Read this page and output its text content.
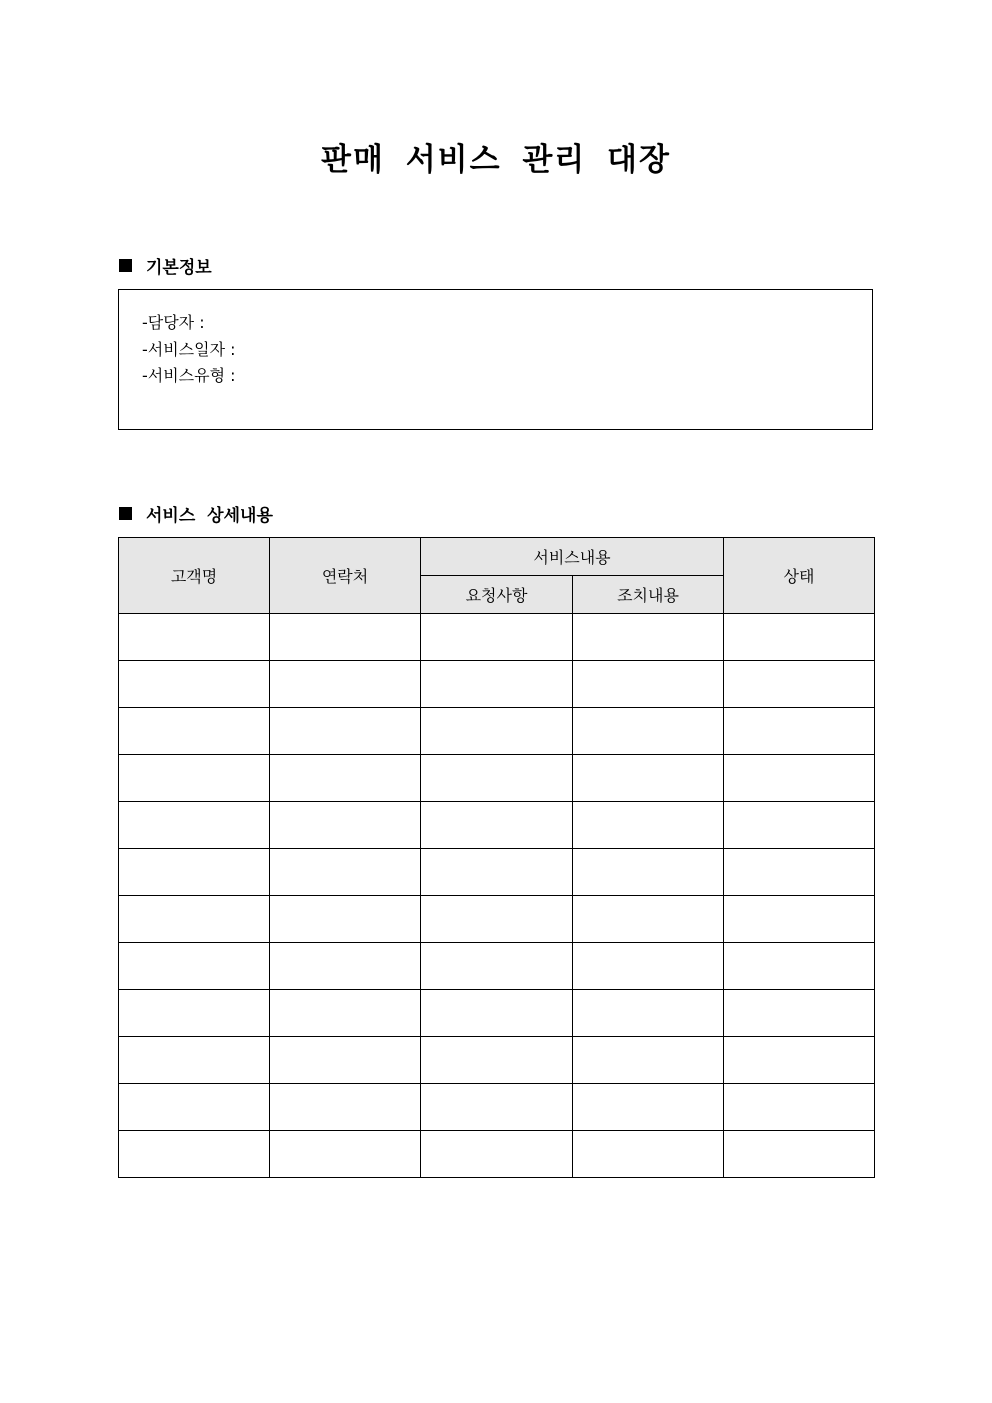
판매 서비스 관리 대장
기본정보
-담당자 :
-서비스일자 :
-서비스유형 :
서비스 상세내용
고객명	연락처	서비스내용		상태
		요청사항	조치내용	
